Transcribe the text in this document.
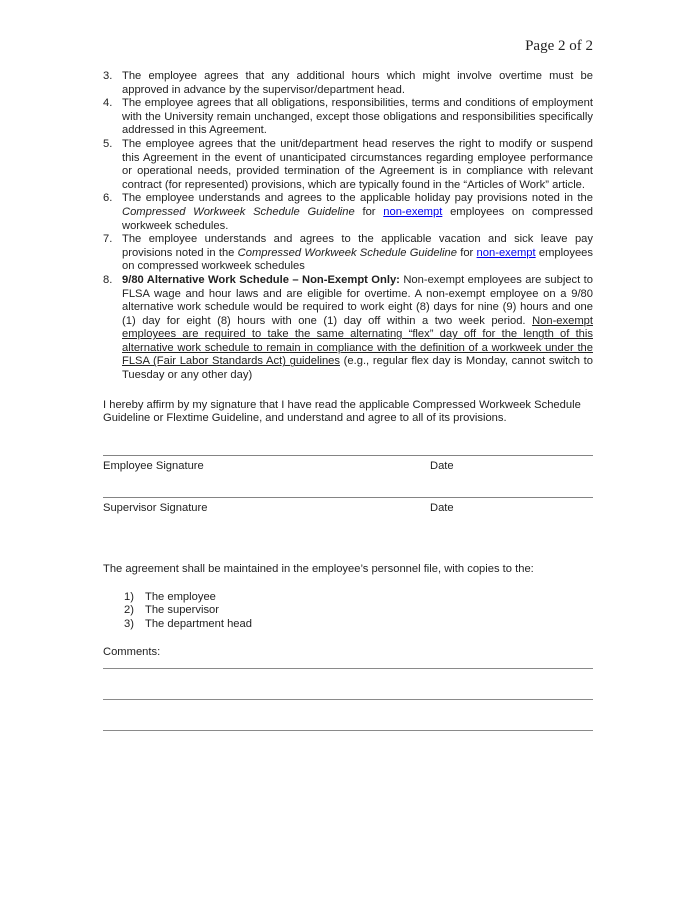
Page 2 of 2
3. The employee agrees that any additional hours which might involve overtime must be approved in advance by the supervisor/department head.
4. The employee agrees that all obligations, responsibilities, terms and conditions of employment with the University remain unchanged, except those obligations and responsibilities specifically addressed in this Agreement.
5. The employee agrees that the unit/department head reserves the right to modify or suspend this Agreement in the event of unanticipated circumstances regarding employee performance or operational needs, provided termination of the Agreement is in compliance with relevant contract (for represented) provisions, which are typically found in the “Articles of Work” article.
6. The employee understands and agrees to the applicable holiday pay provisions noted in the Compressed Workweek Schedule Guideline for non-exempt employees on compressed workweek schedules.
7. The employee understands and agrees to the applicable vacation and sick leave pay provisions noted in the Compressed Workweek Schedule Guideline for non-exempt employees on compressed workweek schedules
8. 9/80 Alternative Work Schedule – Non-Exempt Only: Non-exempt employees are subject to FLSA wage and hour laws and are eligible for overtime. A non-exempt employee on a 9/80 alternative work schedule would be required to work eight (8) days for nine (9) hours and one (1) day for eight (8) hours with one (1) day off within a two week period. Non-exempt employees are required to take the same alternating “flex” day off for the length of this alternative work schedule to remain in compliance with the definition of a workweek under the FLSA (Fair Labor Standards Act) guidelines (e.g., regular flex day is Monday, cannot switch to Tuesday or any other day)

I hereby affirm by my signature that I have read the applicable Compressed Workweek Schedule Guideline or Flextime Guideline, and understand and agree to all of its provisions.

Employee Signature	Date
Supervisor Signature	Date

The agreement shall be maintained in the employee’s personnel file, with copies to the:

1) The employee
2) The supervisor
3) The department head

Comments:
